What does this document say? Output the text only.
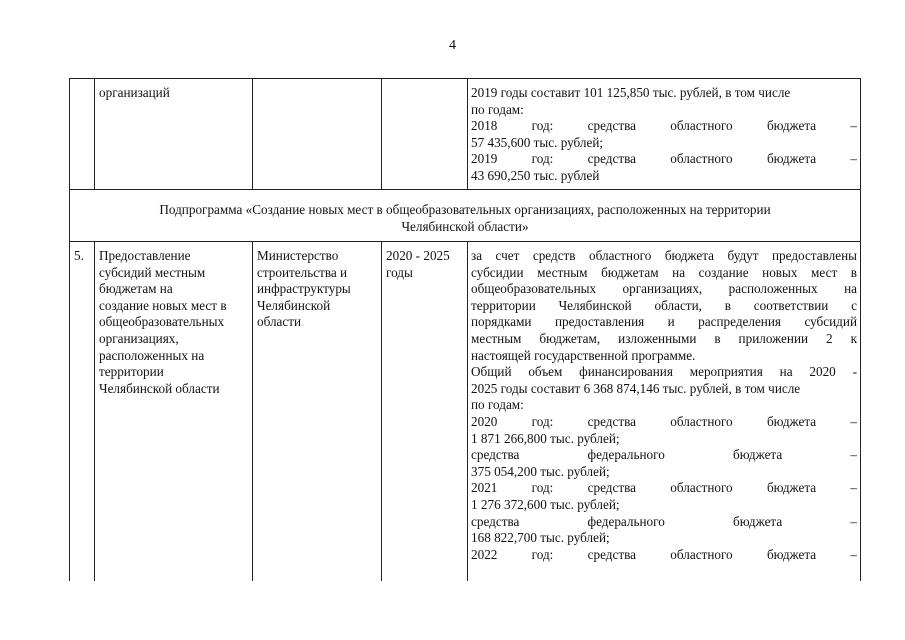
4
организаций	2019 годы составит 101 125,850 тыс. рублей, в том числе
по годам:
2018 год: средства областного бюджета –
57 435,600 тыс. рублей;
2019 год: средства областного бюджета –
43 690,250 тыс. рублей
Подпрограмма «Создание новых мест в общеобразовательных организациях, расположенных на территории
Челябинской области»
5.	Предоставление
субсидий местным
бюджетам на
создание новых мест в
общеобразовательных
организациях,
расположенных на
территории
Челябинской области
Министерство
строительства и
инфраструктуры
Челябинской
области
2020 - 2025
годы
за счет средств областного бюджета будут предоставлены
субсидии местным бюджетам на создание новых мест в
общеобразовательных организациях, расположенных на
территории Челябинской области, в соответствии с
порядками предоставления и распределения субсидий
местным бюджетам, изложенными в приложении 2 к
настоящей государственной программе.
Общий объем финансирования мероприятия на 2020 -
2025 годы составит 6 368 874,146 тыс. рублей, в том числе
по годам:
2020 год: средства областного бюджета –
1 871 266,800 тыс. рублей;
средства федерального бюджета –
375 054,200 тыс. рублей;
2021 год: средства областного бюджета –
1 276 372,600 тыс. рублей;
средства федерального бюджета –
168 822,700 тыс. рублей;
2022 год: средства областного бюджета –
